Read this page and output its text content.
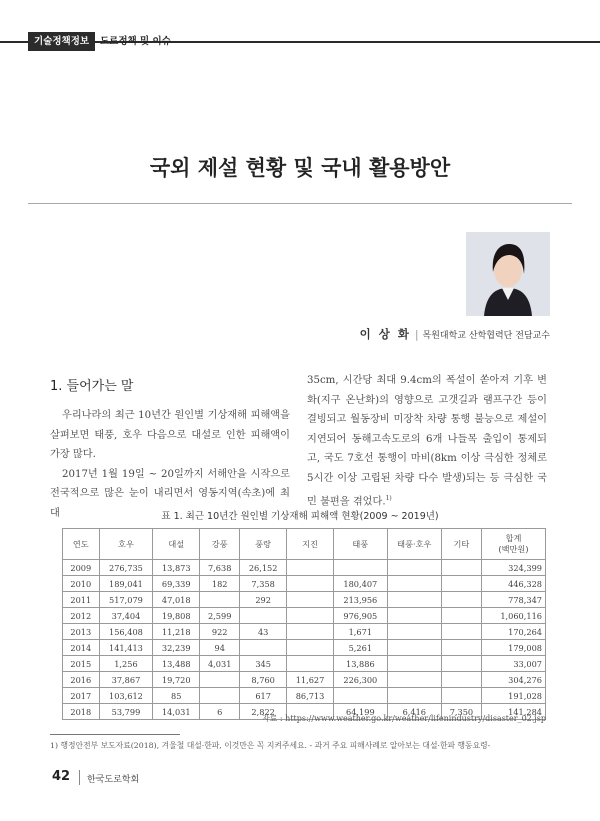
기술정책정보	도로정책 및 이슈
국외 제설 현황 및 국내 활용방안
이 상 화 | 목원대학교 산학협력단 전담교수
1. 들어가는 말

우리나라의 최근 10년간 원인별 기상재해 피해액을 살펴보면 태풍, 호우 다음으로 대설로 인한 피해액이 가장 많다.

2017년 1월 19일 ~ 20일까지 서해안을 시작으로 전국적으로 많은 눈이 내리면서 영동지역(속초)에 최대

35cm, 시간당 최대 9.4cm의 폭설이 쏟아져 기후 변화(지구 온난화)의 영향으로 고갯길과 램프구간 등이 결빙되고 월동장비 미장착 차량 통행 불능으로 제설이 지연되어 동해고속도로의 6개 나들목 출입이 통제되고, 국도 7호선 통행이 마비(8km 이상 극심한 정체로 5시간 이상 고립된 차량 다수 발생)되는 등 극심한 국민 불편을 겪었다.$^{1)}$

표 1. 최근 10년간 원인별 기상재해 피해액 현황(2009 ~ 2019년)
연도	호우	대설	강풍	풍랑	지진	태풍	태풍·호우	기타	합계
(백만원)
2009	276,735	13,873	7,638	26,152					324,399
2010	189,041	69,339	182	7,358		180,407			446,328
2011	517,079	47,018		292		213,956			778,347
2012	37,404	19,808	2,599			976,905			1,060,116
2013	156,408	11,218	922	43		1,671			170,264
2014	141,413	32,239	94			5,261			179,008
2015	1,256	13,488	4,031	345		13,886			33,007
2016	37,867	19,720		8,760	11,627	226,300			304,276
2017	103,612	85		617	86,713				191,028
2018	53,799	14,031	6	2,822		64,199	6,416	7,350	141,284
자료 : https://www.weather.go.kr/weather/lifenindustry/disaster_02.jsp
1) 행정안전부 보도자료(2018), 겨울철 대설·한파, 이것만은 꼭 지켜주세요. - 과거 주요 피해사례로 알아보는 대설·한파 행동요령-
42 한국도로학회
